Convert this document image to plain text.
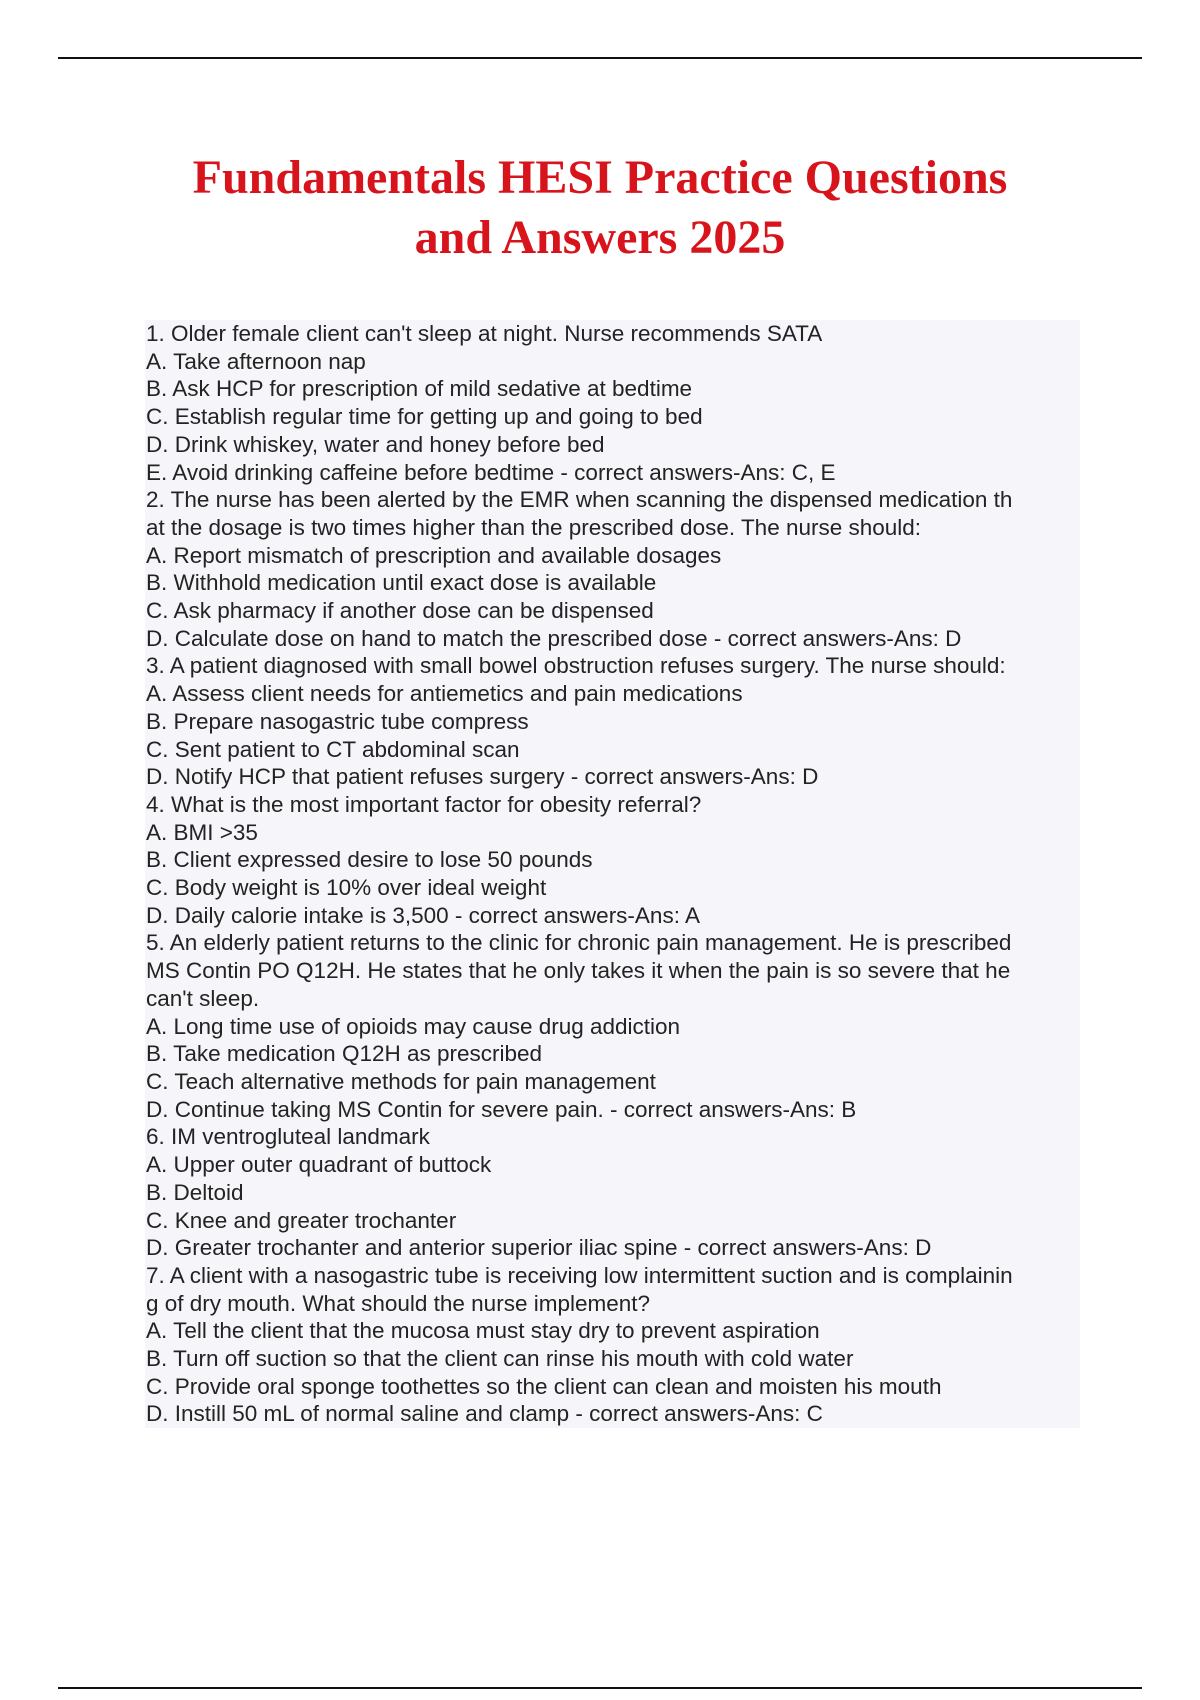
Fundamentals HESI Practice Questions
and Answers 2025

1. Older female client can't sleep at night. Nurse recommends SATA

A. Take afternoon nap

B. Ask HCP for prescription of mild sedative at bedtime

C. Establish regular time for getting up and going to bed

D. Drink whiskey, water and honey before bed

E. Avoid drinking caffeine before bedtime - correct answers-Ans: C, E

2. The nurse has been alerted by the EMR when scanning the dispensed medication th

at the dosage is two times higher than the prescribed dose. The nurse should:

A. Report mismatch of prescription and available dosages

B. Withhold medication until exact dose is available

C. Ask pharmacy if another dose can be dispensed

D. Calculate dose on hand to match the prescribed dose - correct answers-Ans: D

3. A patient diagnosed with small bowel obstruction refuses surgery. The nurse should:

A. Assess client needs for antiemetics and pain medications

B. Prepare nasogastric tube compress

C. Sent patient to CT abdominal scan

D. Notify HCP that patient refuses surgery - correct answers-Ans: D

4. What is the most important factor for obesity referral?

A. BMI >35

B. Client expressed desire to lose 50 pounds

C. Body weight is 10% over ideal weight

D. Daily calorie intake is 3,500 - correct answers-Ans: A

5. An elderly patient returns to the clinic for chronic pain management. He is prescribed

MS Contin PO Q12H. He states that he only takes it when the pain is so severe that he

can't sleep.

A. Long time use of opioids may cause drug addiction

B. Take medication Q12H as prescribed

C. Teach alternative methods for pain management

D. Continue taking MS Contin for severe pain. - correct answers-Ans: B

6. IM ventrogluteal landmark

A. Upper outer quadrant of buttock

B. Deltoid

C. Knee and greater trochanter

D. Greater trochanter and anterior superior iliac spine - correct answers-Ans: D

7. A client with a nasogastric tube is receiving low intermittent suction and is complainin

g of dry mouth. What should the nurse implement?

A. Tell the client that the mucosa must stay dry to prevent aspiration

B. Turn off suction so that the client can rinse his mouth with cold water

C. Provide oral sponge toothettes so the client can clean and moisten his mouth

D. Instill 50 mL of normal saline and clamp - correct answers-Ans: C
